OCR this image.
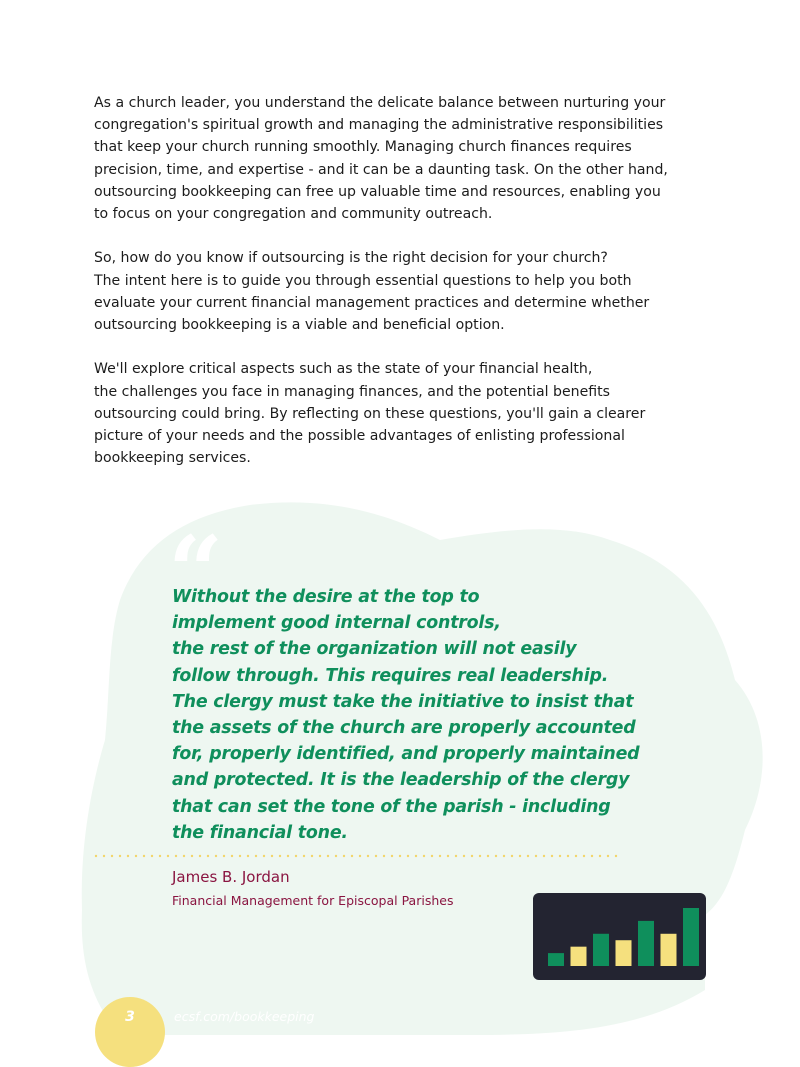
As a church leader, you understand the delicate balance between nurturing your
congregation's spiritual growth and managing the administrative responsibilities
that keep your church running smoothly. Managing church finances requires
precision, time, and expertise - and it can be a daunting task. On the other hand,
outsourcing bookkeeping can free up valuable time and resources, enabling you
to focus on your congregation and community outreach.

So, how do you know if outsourcing is the right decision for your church?
The intent here is to guide you through essential questions to help you both
evaluate your current financial management practices and determine whether
outsourcing bookkeeping is a viable and beneficial option.

We'll explore critical aspects such as the state of your financial health,
the challenges you face in managing finances, and the potential benefits
outsourcing could bring. By reflecting on these questions, you'll gain a clearer
picture of your needs and the possible advantages of enlisting professional
bookkeeping services.

“
Without the desire at the top to
implement good internal controls,
the rest of the organization will not easily
follow through. This requires real leadership.
The clergy must take the initiative to insist that
the assets of the church are properly accounted
for, properly identified, and properly maintained
and protected. It is the leadership of the clergy
that can set the tone of the parish - including
the financial tone.
James B. Jordan
Financial Management for Episcopal Parishes
3	ecsf.com/bookkeeping
